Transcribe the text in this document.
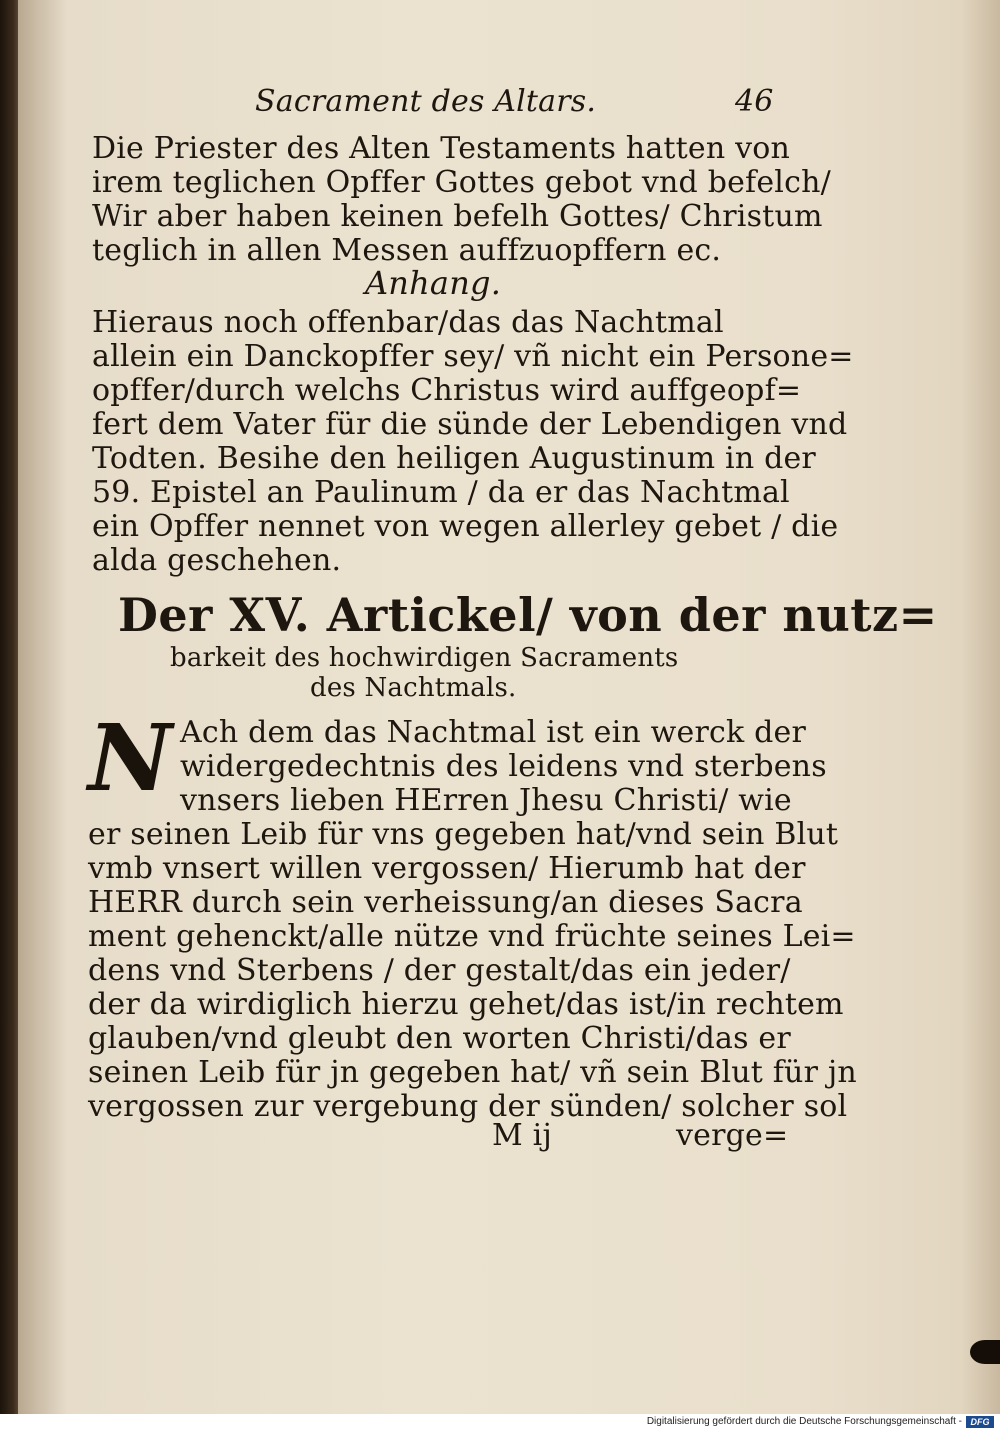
Sacrament des Altars.	46
Die Priester des Alten Testaments hatten von
irem teglichen Opffer Gottes gebot vnd befelch/
Wir aber haben keinen befelh Gottes/ Christum
teglich in allen Messen auffzuopffern ec.
Anhang.
Hieraus noch offenbar/das das Nachtmal
allein ein Danckopffer sey/ vñ nicht ein Persone=
opffer/durch welchs Christus wird auffgeopf=
fert dem Vater für die sünde der Lebendigen vnd
Todten. Besihe den heiligen Augustinum in der
59. Epistel an Paulinum / da er das Nachtmal
ein Opffer nennet von wegen allerley gebet / die
alda geschehen.
Der XV. Artickel/ von der nutz=
barkeit des hochwirdigen Sacraments
des Nachtmals.
N Ach dem das Nachtmal ist ein werck der
widergedechtnis des leidens vnd sterbens
vnsers lieben HErren Jhesu Christi/ wie
er seinen Leib für vns gegeben hat/vnd sein Blut
vmb vnsert willen vergossen/ Hierumb hat der
HERR durch sein verheissung/an dieses Sacra
ment gehenckt/alle nütze vnd früchte seines Lei=
dens vnd Sterbens / der gestalt/das ein jeder/
der da wirdiglich hierzu gehet/das ist/in rechtem
glauben/vnd gleubt den worten Christi/das er
seinen Leib für jn gegeben hat/ vñ sein Blut für jn
vergossen zur vergebung der sünden/ solcher sol
M ij	verge=
Digitalisierung gefördert durch die Deutsche Forschungsgemeinschaft - DFG
